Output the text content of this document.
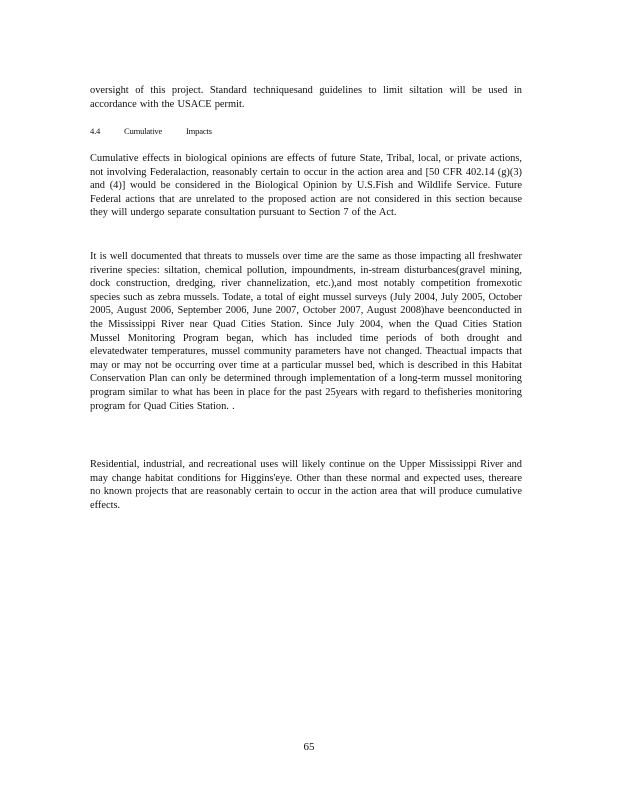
oversight of this project. Standard techniquesand guidelines to limit siltation will be used in accordance with the USACE permit.

4.4	Cumulative	Impacts

Cumulative effects in biological opinions are effects of future State, Tribal, local, or private actions, not involving Federalaction, reasonably certain to occur in the action area and [50 CFR 402.14 (g)(3) and (4)] would be considered in the Biological Opinion by U.S.Fish and Wildlife Service. Future Federal actions that are unrelated to the proposed action are not considered in this section because they will undergo separate consultation pursuant to Section 7 of the Act.

It is well documented that threats to mussels over time are the same as those impacting all freshwater riverine species: siltation, chemical pollution, impoundments, in-stream disturbances(gravel mining, dock construction, dredging, river channelization, etc.),and most notably competition fromexotic species such as zebra mussels. Todate, a total of eight mussel surveys (July 2004, July 2005, October 2005, August 2006, September 2006, June 2007, October 2007, August 2008)have beenconducted in the Mississippi River near Quad Cities Station. Since July 2004, when the Quad Cities Station Mussel Monitoring Program began, which has included time periods of both drought and elevatedwater temperatures, mussel community parameters have not changed. Theactual impacts that may or may not be occurring over time at a particular mussel bed, which is described in this Habitat Conservation Plan can only be determined through implementation of a long-term mussel monitoring program similar to what has been in place for the past 25years with regard to thefisheries monitoring program for Quad Cities Station. .

Residential, industrial, and recreational uses will likely continue on the Upper Mississippi River and may change habitat conditions for Higgins'eye. Other than these normal and expected uses, thereare no known projects that are reasonably certain to occur in the action area that will produce cumulative effects.

65
